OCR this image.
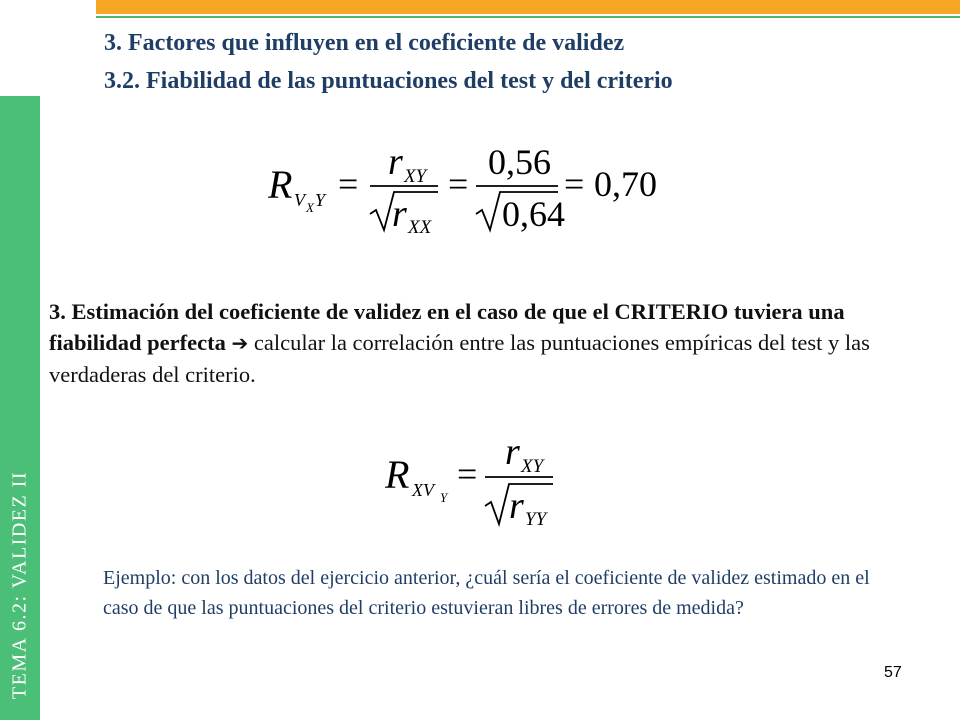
TEMA 6.2: VALIDEZ II
3. Factores que influyen en el coeficiente de validez
3.2. Fiabilidad de las puntuaciones del test y del criterio
R V X Y =
r XY
r XX
=
0,56
0,64
= 0,70
3. Estimación del coeficiente de validez en el caso de que el CRITERIO tuviera una fiabilidad perfecta ➔ calcular la correlación entre las puntuaciones empíricas del test y las verdaderas del criterio.
R XV Y
=
r XY
r YY
Ejemplo: con los datos del ejercicio anterior, ¿cuál sería el coeficiente de validez estimado en el caso de que las puntuaciones del criterio estuvieran libres de errores de medida?
57
